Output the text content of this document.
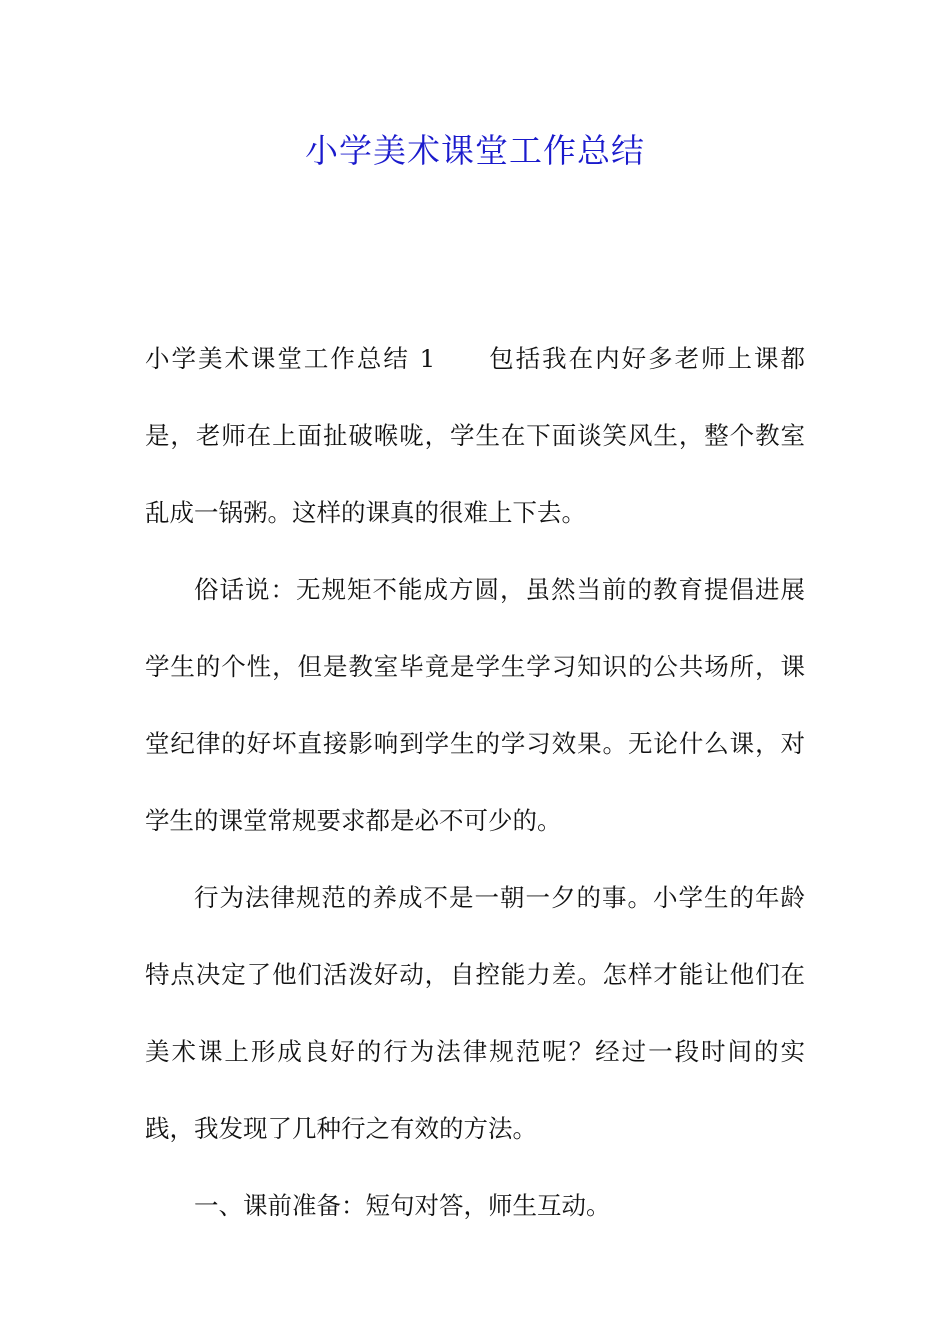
小学美术课堂工作总结

小学美术课堂工作总结 1 包括我在内好多老师上课都是，老师在上面扯破喉咙，学生在下面谈笑风生，整个教室乱成一锅粥。这样的课真的很难上下去。

俗话说：无规矩不能成方圆，虽然当前的教育提倡进展学生的个性，但是教室毕竟是学生学习知识的公共场所，课堂纪律的好坏直接影响到学生的学习效果。无论什么课，对学生的课堂常规要求都是必不可少的。

行为法律规范的养成不是一朝一夕的事。小学生的年龄特点决定了他们活泼好动，自控能力差。怎样才能让他们在美术课上形成良好的行为法律规范呢？经过一段时间的实践，我发现了几种行之有效的方法。

一、课前准备：短句对答，师生互动。
